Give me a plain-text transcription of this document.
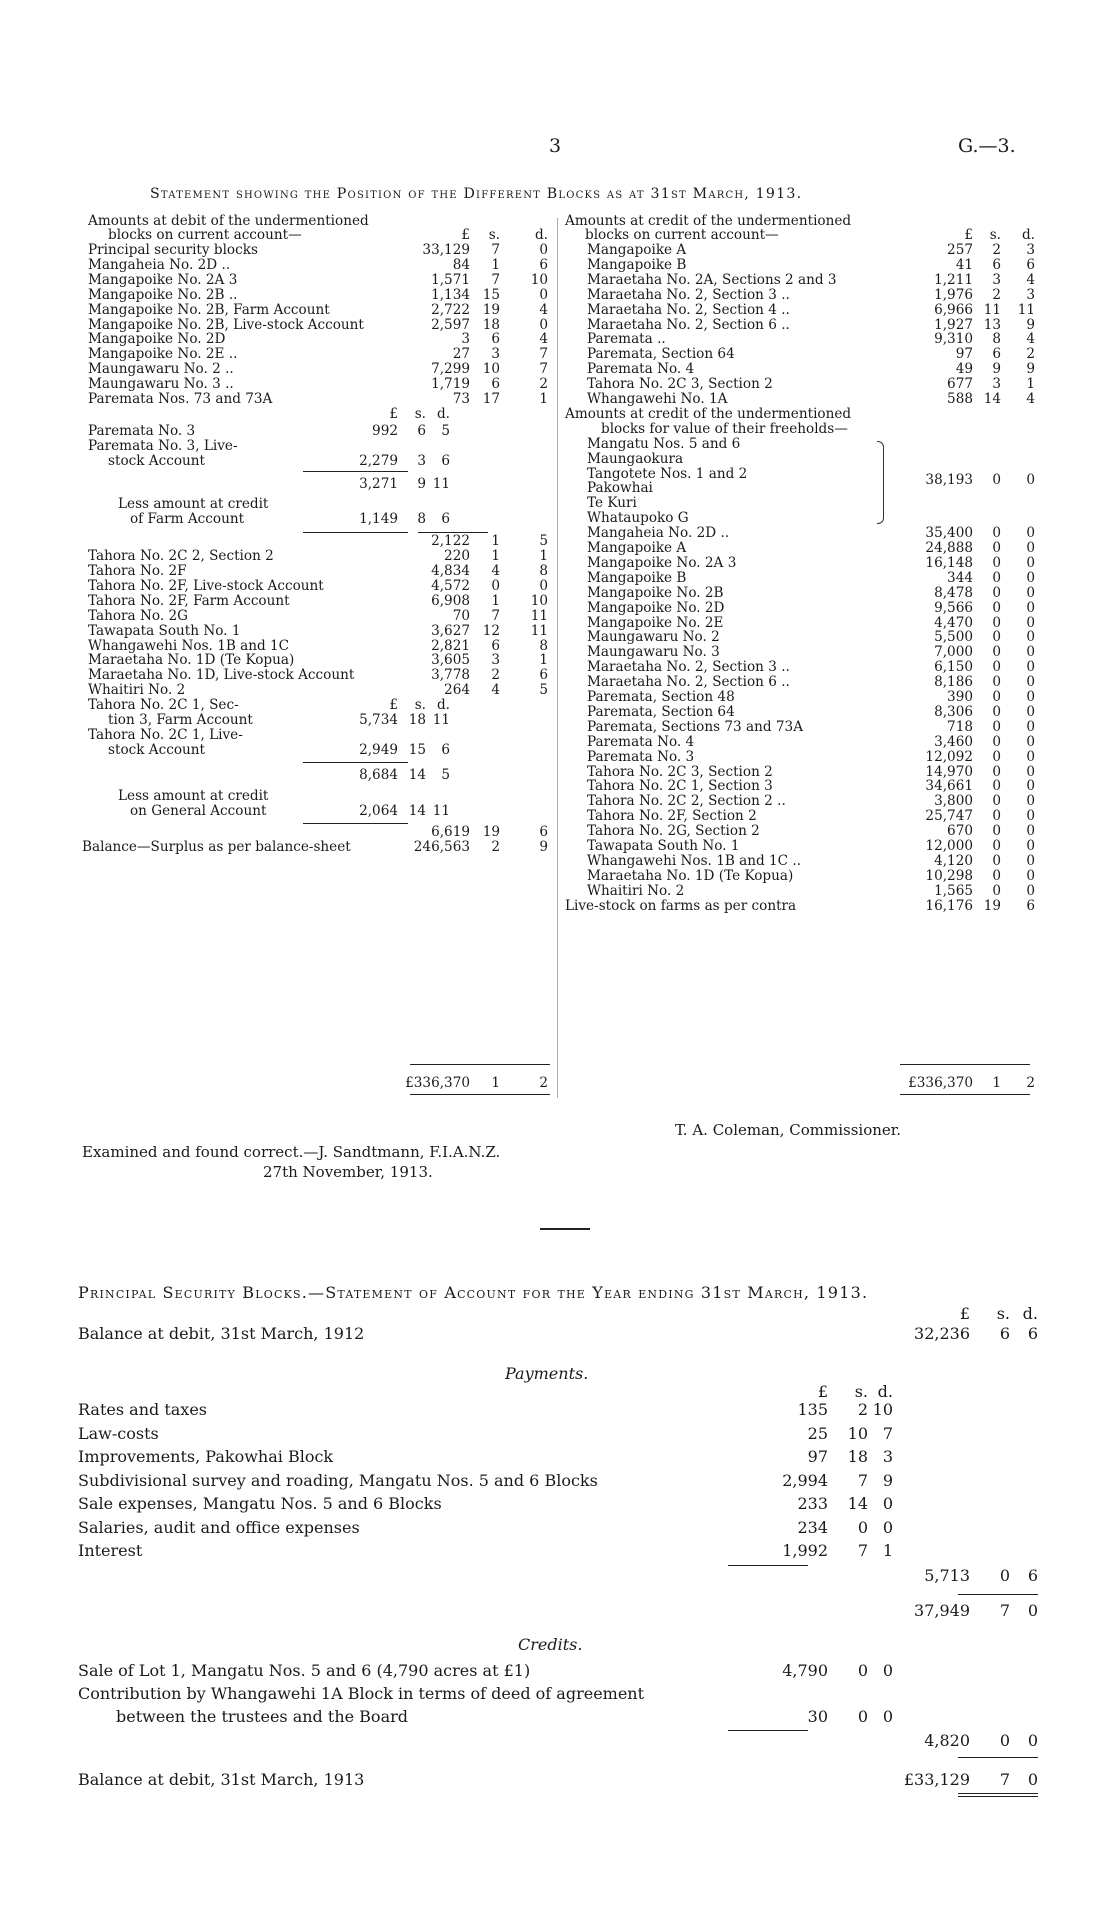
3	G.—3.
Statement showing the Position of the Different Blocks as at 31st March, 1913.
Amounts at debit of the undermentioned
blocks on current account—	£ s.	d.
Principal security blocks	33,129 7	0
Mangaheia No. 2D ..	84 1	6
Mangapoike No. 2A 3	1,571 7 10
Mangapoike No. 2B ..	1,134 15	0
Mangapoike No. 2B, Farm Account	2,722 19	4
Mangapoike No. 2B, Live-stock Account	2,597 18	0
Mangapoike No. 2D	3 6	4
Mangapoike No. 2E ..	27 3	7
Maungawaru No. 2 ..	7,299 10	7
Maungawaru No. 3 ..	1,719 6	2
Paremata Nos. 73 and 73A	73 17	1
£ s. d.
Paremata No. 3	992 6 5
Paremata No. 3, Live-
stock Account	2,279 3 6
3,271 9 11
Less amount at credit
of Farm Account	1,149 8 6
2,122 1	5
Tahora No. 2C 2, Section 2	220 1	1
Tahora No. 2F	4,834 4	8
Tahora No. 2F, Live-stock Account	4,572 0	0
Tahora No. 2F, Farm Account	6,908 1 10
Tahora No. 2G	70 7 11
Tawapata South No. 1	3,627 12 11
Whangawehi Nos. 1B and 1C	2,821 6	8
Maraetaha No. 1D (Te Kopua)	3,605 3	1
Maraetaha No. 1D, Live-stock Account	3,778 2	6
Whaitiri No. 2	264 4	5
Tahora No. 2C 1, Sec-	£ s. d.
tion 3, Farm Account	5,734 18 11
Tahora No. 2C 1, Live-
stock Account	2,949 15 6
8,684 14 5
Less amount at credit
on General Account	2,064 14 11
6,619 19	6
Balance—Surplus as per balance-sheet	246,563 2	9
£336,370 1	2
Amounts at credit of the undermentioned
blocks on current account—	£ s. d.
Mangapoike A	257 2 3
Mangapoike B	41 6 6
Maraetaha No. 2A, Sections 2 and 3	1,211 3 4
Maraetaha No. 2, Section 3 ..	1,976 2 3
Maraetaha No. 2, Section 4 ..	6,966 11 11
Maraetaha No. 2, Section 6 ..	1,927 13 9
Paremata ..	9,310 8 4
Paremata, Section 64	97 6 2
Paremata No. 4	49 9 9
Tahora No. 2C 3, Section 2	677 3 1
Whangawehi No. 1A	588 14 4
Amounts at credit of the undermentioned
blocks for value of their freeholds—
Mangatu Nos. 5 and 6
Maungaokura
Tangotete Nos. 1 and 2
Pakowhai
Te Kuri
Whataupoko G
38,193 0 0
Mangaheia No. 2D ..	35,400 0 0
Mangapoike A	24,888 0 0
Mangapoike No. 2A 3	16,148 0 0
Mangapoike B	344 0 0
Mangapoike No. 2B	8,478 0 0
Mangapoike No. 2D	9,566 0 0
Mangapoike No. 2E	4,470 0 0
Maungawaru No. 2	5,500 0 0
Maungawaru No. 3	7,000 0 0
Maraetaha No. 2, Section 3 ..	6,150 0 0
Maraetaha No. 2, Section 6 ..	8,186 0 0
Paremata, Section 48	390 0 0
Paremata, Section 64	8,306 0 0
Paremata, Sections 73 and 73A	718 0 0
Paremata No. 4	3,460 0 0
Paremata No. 3	12,092 0 0
Tahora No. 2C 3, Section 2	14,970 0 0
Tahora No. 2C 1, Section 3	34,661 0 0
Tahora No. 2C 2, Section 2 ..	3,800 0 0
Tahora No. 2F, Section 2	25,747 0 0
Tahora No. 2G, Section 2	670 0 0
Tawapata South No. 1	12,000 0 0
Whangawehi Nos. 1B and 1C ..	4,120 0 0
Maraetaha No. 1D (Te Kopua)	10,298 0 0
Whaitiri No. 2	1,565 0 0
Live-stock on farms as per contra	16,176 19 6
£336,370 1 2
T. A. Coleman, Commissioner.
Examined and found correct.—J. Sandtmann, F.I.A.N.Z.
27th November, 1913.
Principal Security Blocks.—Statement of Account for the Year ending 31st March, 1913.
£ s. d.
Balance at debit, 31st March, 1912	32,236 6 6
Payments.
£ s. d.
Rates and taxes	135 2 10
Law-costs	25 10 7
Improvements, Pakowhai Block	97 18 3
Subdivisional survey and roading, Mangatu Nos. 5 and 6 Blocks	2,994 7 9
Sale expenses, Mangatu Nos. 5 and 6 Blocks	233 14 0
Salaries, audit and office expenses	234 0 0
Interest	1,992 7 1
5,713 0 6
37,949 7 0
Credits.
Sale of Lot 1, Mangatu Nos. 5 and 6 (4,790 acres at £1)	4,790 0 0
Contribution by Whangawehi 1A Block in terms of deed of agreement
between the trustees and the Board	30 0 0
4,820 0 0
Balance at debit, 31st March, 1913	£33,129 7 0
